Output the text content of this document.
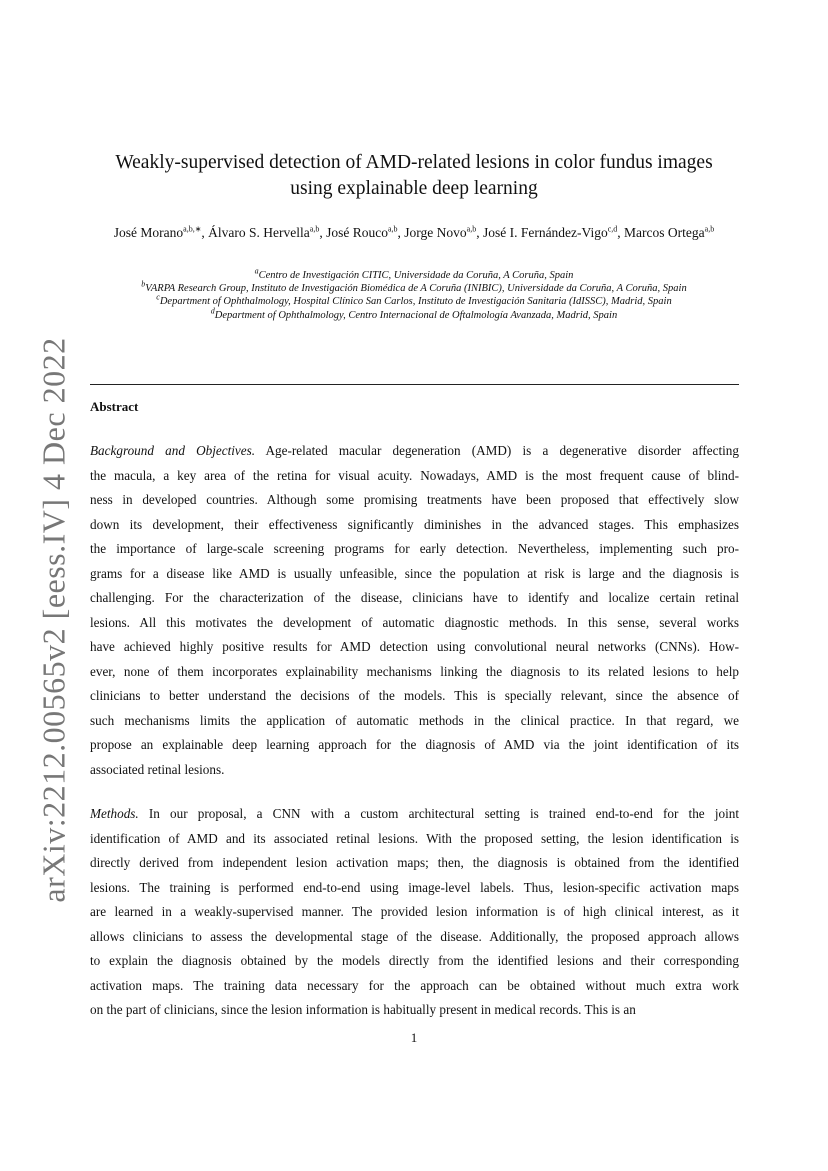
arXiv:2212.00565v2 [eess.IV] 4 Dec 2022
Weakly-supervised detection of AMD-related lesions in color fundus images
using explainable deep learning
José Morano$^{a,b,∗}$, Álvaro S. Hervella$^{a,b}$, José Rouco$^{a,b}$, Jorge Novo$^{a,b}$, José I. Fernández-Vigo$^{c,d}$, Marcos Ortega$^{a,b}$
$^a$Centro de Investigación CITIC, Universidade da Coruña, A Coruña, Spain
$^b$VARPA Research Group, Instituto de Investigación Biomédica de A Coruña (INIBIC), Universidade da Coruña, A Coruña, Spain
$^c$Department of Ophthalmology, Hospital Clínico San Carlos, Instituto de Investigación Sanitaria (IdISSC), Madrid, Spain
$^d$Department of Ophthalmology, Centro Internacional de Oftalmología Avanzada, Madrid, Spain
Abstract
Background and Objectives. Age-related macular degeneration (AMD) is a degenerative disorder affecting
the macula, a key area of the retina for visual acuity. Nowadays, AMD is the most frequent cause of blind-
ness in developed countries. Although some promising treatments have been proposed that effectively slow
down its development, their effectiveness significantly diminishes in the advanced stages. This emphasizes
the importance of large-scale screening programs for early detection. Nevertheless, implementing such pro-
grams for a disease like AMD is usually unfeasible, since the population at risk is large and the diagnosis is
challenging. For the characterization of the disease, clinicians have to identify and localize certain retinal
lesions. All this motivates the development of automatic diagnostic methods. In this sense, several works
have achieved highly positive results for AMD detection using convolutional neural networks (CNNs). How-
ever, none of them incorporates explainability mechanisms linking the diagnosis to its related lesions to help
clinicians to better understand the decisions of the models. This is specially relevant, since the absence of
such mechanisms limits the application of automatic methods in the clinical practice. In that regard, we
propose an explainable deep learning approach for the diagnosis of AMD via the joint identification of its
associated retinal lesions.
Methods. In our proposal, a CNN with a custom architectural setting is trained end-to-end for the joint
identification of AMD and its associated retinal lesions. With the proposed setting, the lesion identification is
directly derived from independent lesion activation maps; then, the diagnosis is obtained from the identified
lesions. The training is performed end-to-end using image-level labels. Thus, lesion-specific activation maps
are learned in a weakly-supervised manner. The provided lesion information is of high clinical interest, as it
allows clinicians to assess the developmental stage of the disease. Additionally, the proposed approach allows
to explain the diagnosis obtained by the models directly from the identified lesions and their corresponding
activation maps. The training data necessary for the approach can be obtained without much extra work
on the part of clinicians, since the lesion information is habitually present in medical records. This is an
1
